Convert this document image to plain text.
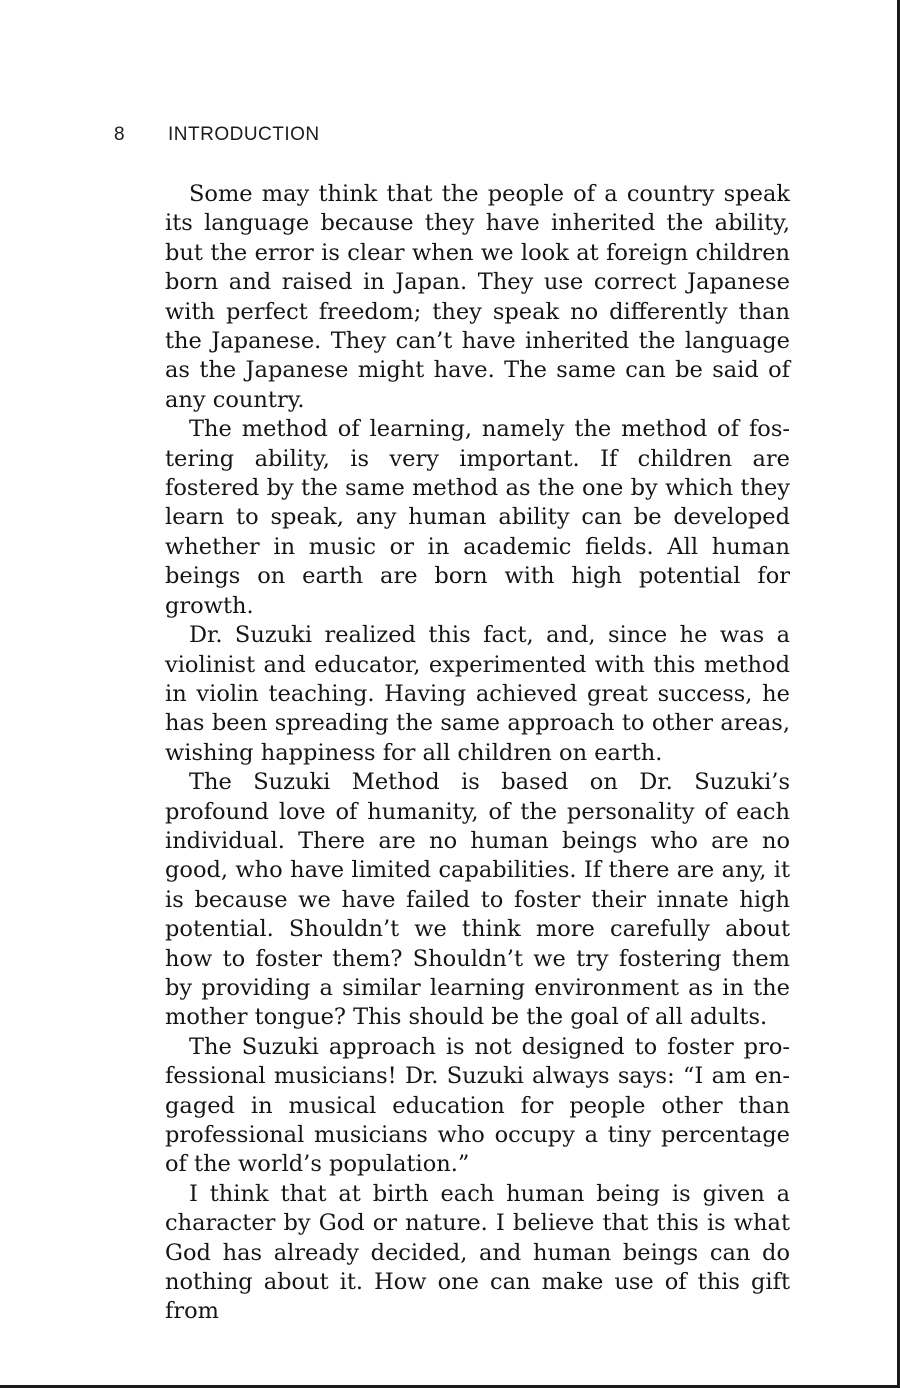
8 INTRODUCTION

Some may think that the people of a country speak its language because they have inherited the ability, but the error is clear when we look at foreign children born and raised in Japan. They use correct Japanese with perfect freedom; they speak no differently than the Japanese. They can’t have inherited the language as the Japanese might have. The same can be said of any country.

The method of learning, namely the method of fostering ability, is very important. If children are fostered by the same method as the one by which they learn to speak, any human ability can be developed whether in music or in academic fields. All human beings on earth are born with high potential for growth.

Dr. Suzuki realized this fact, and, since he was a violinist and educator, experimented with this method in violin teaching. Having achieved great success, he has been spreading the same approach to other areas, wishing happiness for all children on earth.

The Suzuki Method is based on Dr. Suzuki’s profound love of humanity, of the personality of each individual. There are no human beings who are no good, who have limited capabilities. If there are any, it is because we have failed to foster their innate high potential. Shouldn’t we think more carefully about how to foster them? Shouldn’t we try fostering them by providing a similar learning environment as in the mother tongue? This should be the goal of all adults.

The Suzuki approach is not designed to foster professional musicians! Dr. Suzuki always says: “I am engaged in musical education for people other than professional musicians who occupy a tiny percentage of the world’s population.”

I think that at birth each human being is given a character by God or nature. I believe that this is what God has already decided, and human beings can do nothing about it. How one can make use of this gift from
